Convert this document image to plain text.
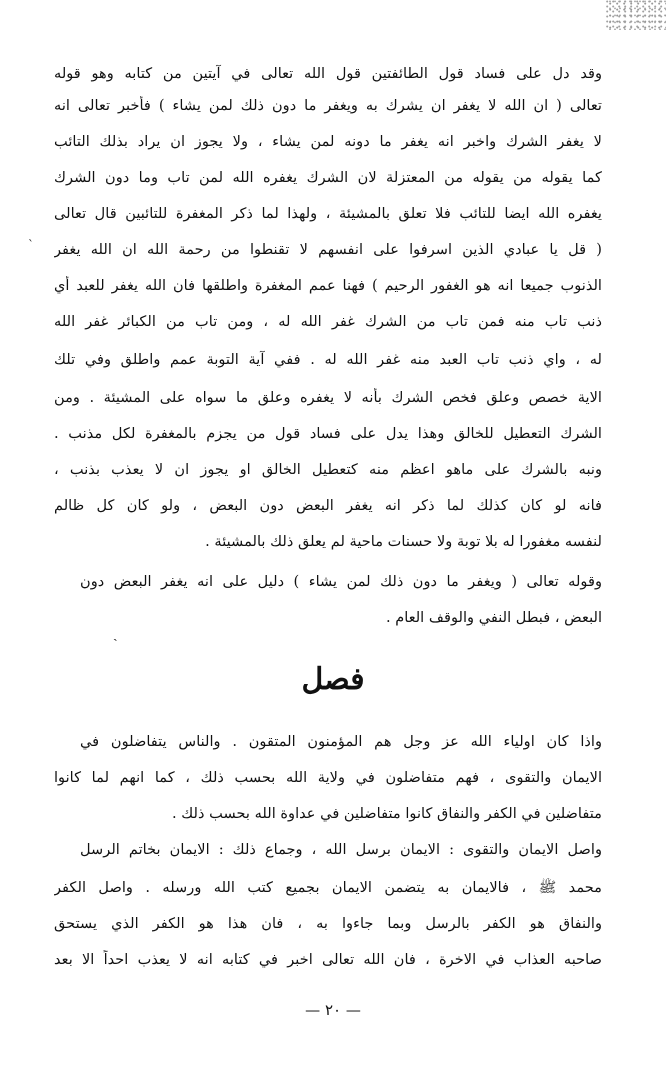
ˎ
`
وقد دل على فساد قول الطائفتين قول الله تعالى في آيتين من كتابه وهو قوله
تعالى ( ان الله لا يغفر ان يشرك به ويغفر ما دون ذلك لمن يشاء ) فأخبر تعالى انه
لا يغفر الشرك واخبر انه يغفر ما دونه لمن يشاء ، ولا يجوز ان يراد بذلك التائب
كما يقوله من يقوله من المعتزلة لان الشرك يغفره الله لمن تاب وما دون الشرك
يغفره الله ايضا للتائب فلا تعلق بالمشيئة ، ولهذا لما ذكر المغفرة للتائبين قال تعالى
( قل يا عبادي الذين اسرفوا على انفسهم لا تقنطوا من رحمة الله ان الله يغفر
الذنوب جميعا انه هو الغفور الرحيم ) فهنا عمم المغفرة واطلقها فان الله يغفر للعبد أي
ذنب تاب منه فمن تاب من الشرك غفر الله له ، ومن تاب من الكبائر غفر الله
له ، واي ذنب تاب العبد منه غفر الله له . ففي آية التوبة عمم واطلق وفي تلك
الاية خصص وعلق فخص الشرك بأنه لا يغفره وعلق ما سواه على المشيئة . ومن
الشرك التعطيل للخالق وهذا يدل على فساد قول من يجزم بالمغفرة لكل مذنب .
ونبه بالشرك على ماهو اعظم منه كتعطيل الخالق او يجوز ان لا يعذب بذنب ،
فانه لو كان كذلك لما ذكر انه يغفر البعض دون البعض ، ولو كان كل ظالم
لنفسه مغفورا له بلا توبة ولا حسنات ماحية لم يعلق ذلك بالمشيئة .
وقوله تعالى ( ويغفر ما دون ذلك لمن يشاء ) دليل على انه يغفر البعض دون
البعض ، فبطل النفي والوقف العام .
فصل
واذا كان اولياء الله عز وجل هم المؤمنون المتقون . والناس يتفاضلون في
الايمان والتقوى ، فهم متفاضلون في ولاية الله بحسب ذلك ، كما انهم لما كانوا
متفاضلين في الكفر والنفاق كانوا متفاضلين في عداوة الله بحسب ذلك .
واصل الايمان والتقوى : الايمان برسل الله ، وجماع ذلك : الايمان بخاتم الرسل
محمد ﷺ ، فالايمان به يتضمن الايمان بجميع كتب الله ورسله . واصل الكفر
والنفاق هو الكفر بالرسل وبما جاءوا به ، فان هذا هو الكفر الذي يستحق
صاحبه العذاب في الاخرة ، فان الله تعالى اخبر في كتابه انه لا يعذب احداً الا بعد
— ٢٠ —
